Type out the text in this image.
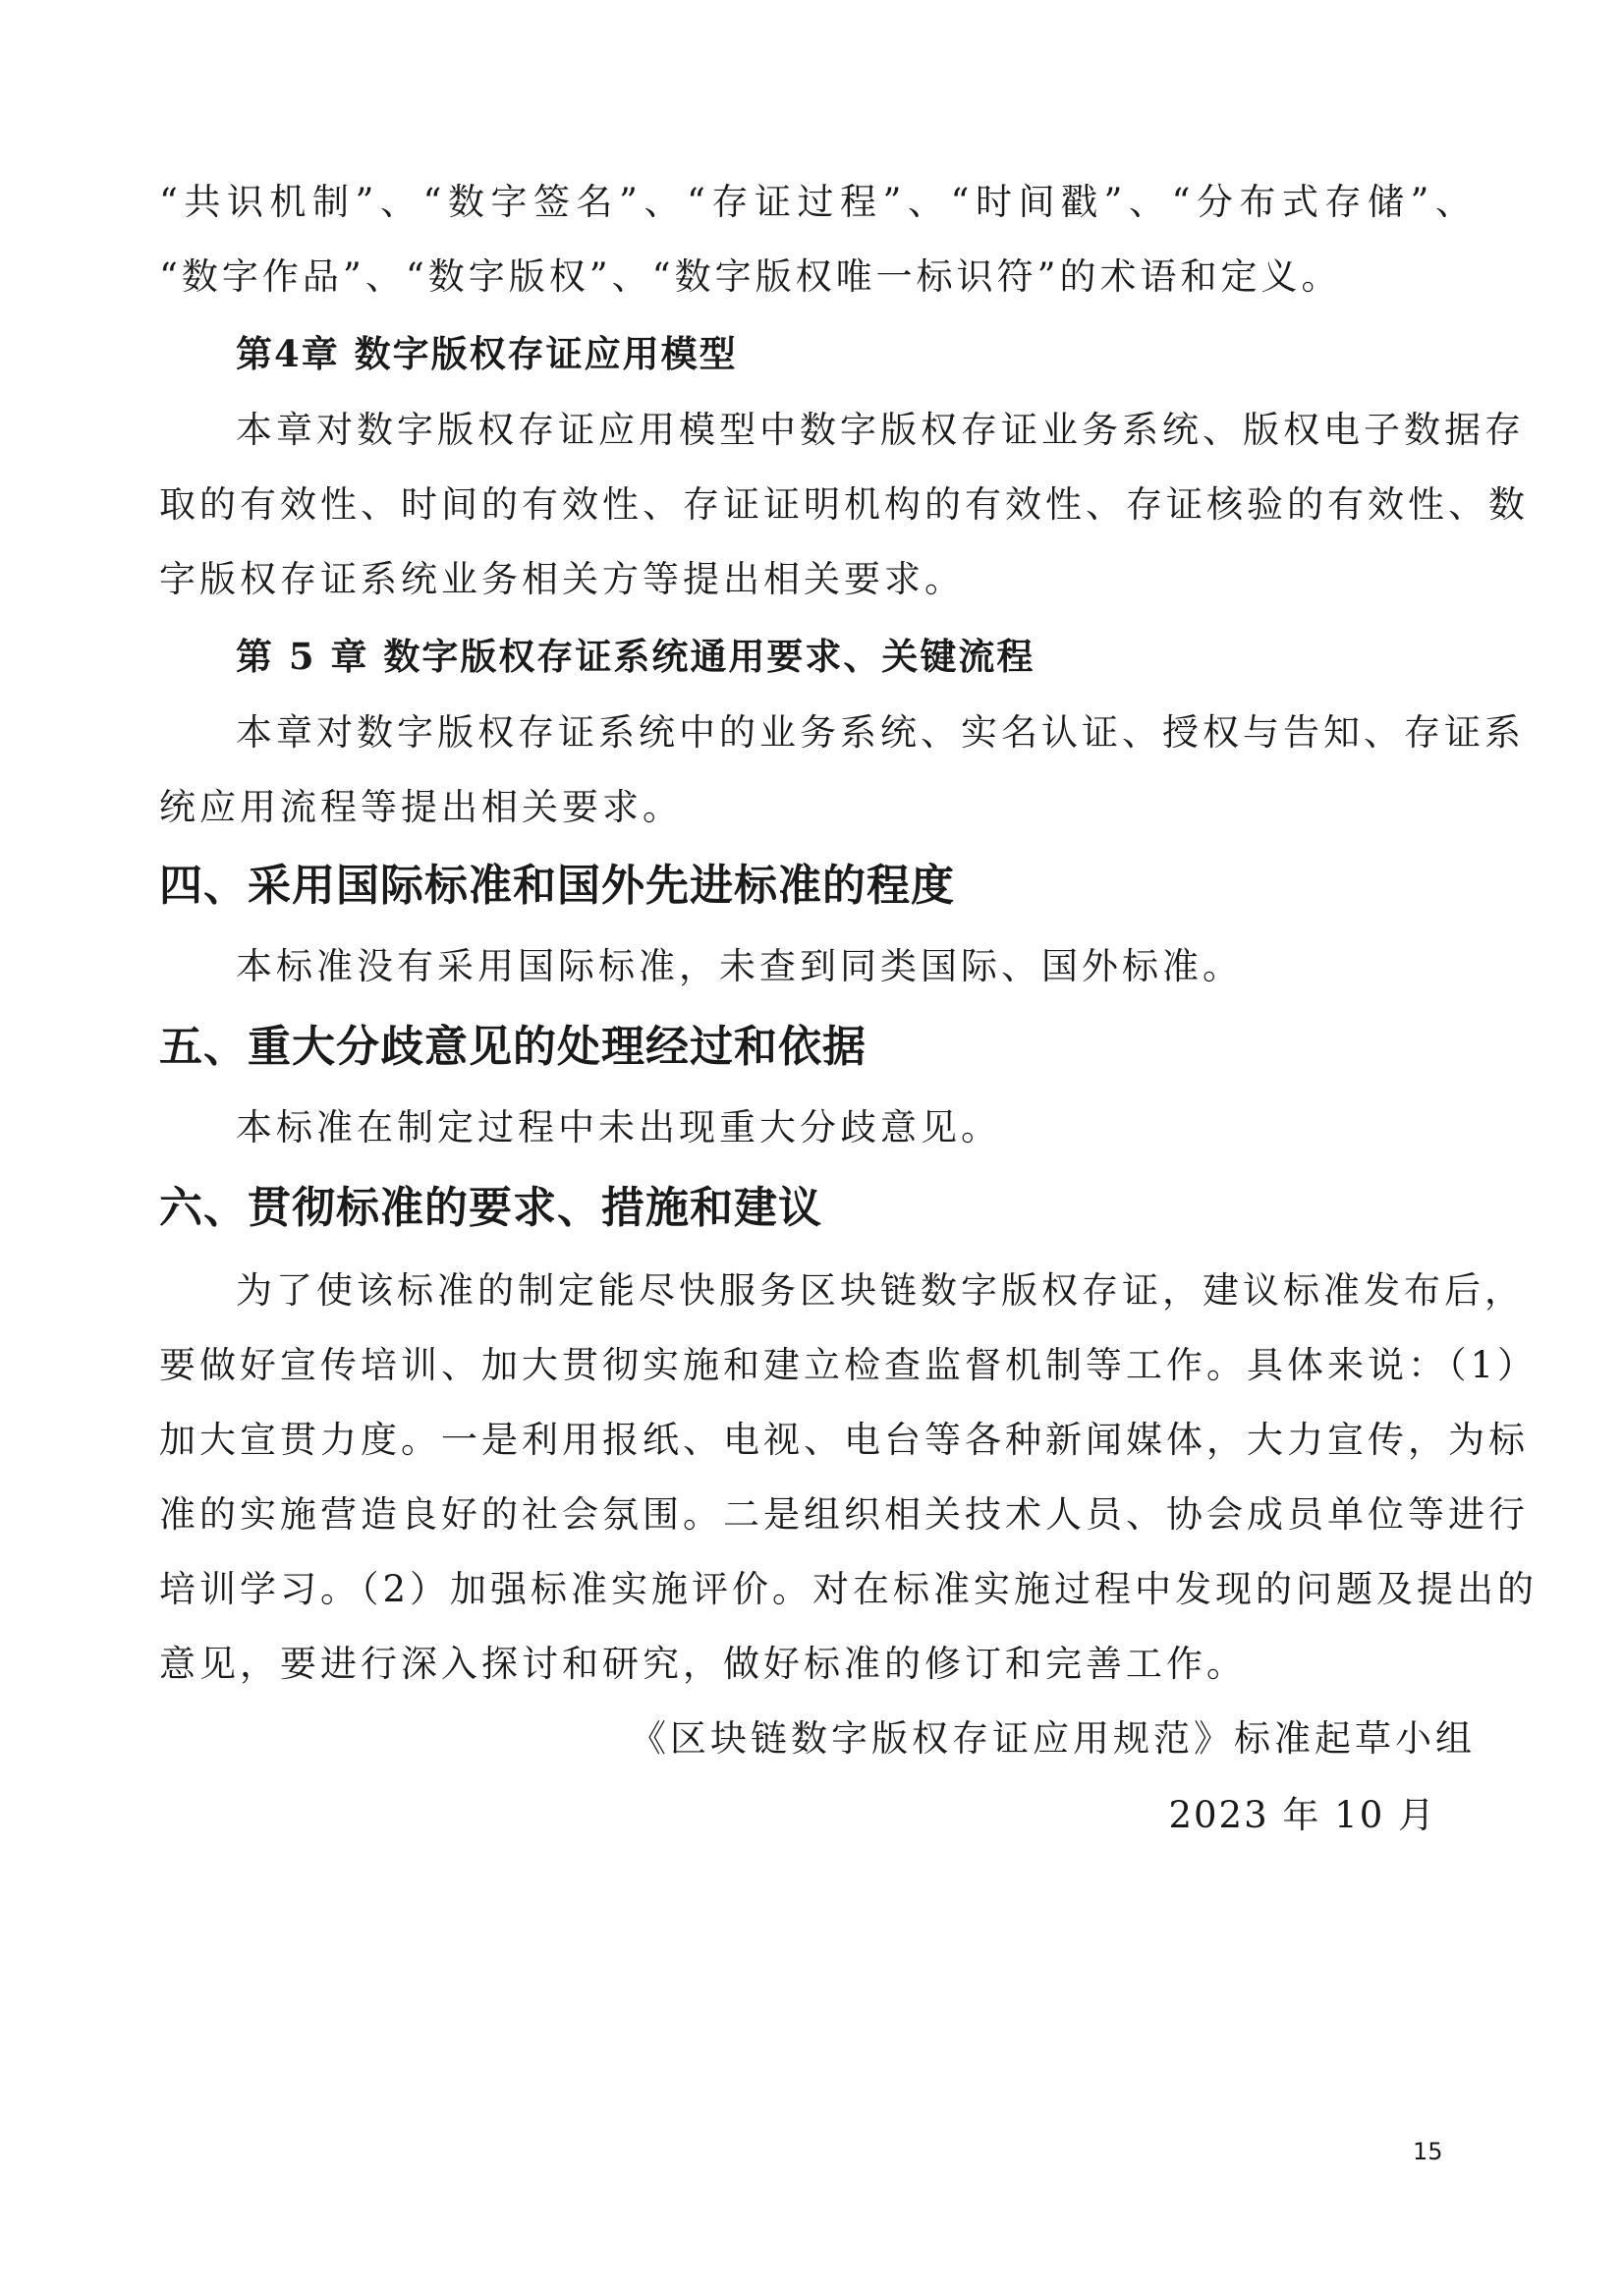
“共识机制”、“数字签名”、“存证过程”、“时间戳”、“分布式存储”、
“数字作品”、“数字版权”、“数字版权唯一标识符”的术语和定义。
第4章 数字版权存证应用模型
本章对数字版权存证应用模型中数字版权存证业务系统、版权电子数据存
取的有效性、时间的有效性、存证证明机构的有效性、存证核验的有效性、数
字版权存证系统业务相关方等提出相关要求。
第 5 章 数字版权存证系统通用要求、关键流程
本章对数字版权存证系统中的业务系统、实名认证、授权与告知、存证系
统应用流程等提出相关要求。
四、采用国际标准和国外先进标准的程度
本标准没有采用国际标准，未查到同类国际、国外标准。
五、重大分歧意见的处理经过和依据
本标准在制定过程中未出现重大分歧意见。
六、贯彻标准的要求、措施和建议
为了使该标准的制定能尽快服务区块链数字版权存证，建议标准发布后，
要做好宣传培训、加大贯彻实施和建立检查监督机制等工作。具体来说：（1）
加大宣贯力度。一是利用报纸、电视、电台等各种新闻媒体，大力宣传，为标
准的实施营造良好的社会氛围。二是组织相关技术人员、协会成员单位等进行
培训学习。（2）加强标准实施评价。对在标准实施过程中发现的问题及提出的
意见，要进行深入探讨和研究，做好标准的修订和完善工作。
《区块链数字版权存证应用规范》标准起草小组
2023 年 10 月
15
